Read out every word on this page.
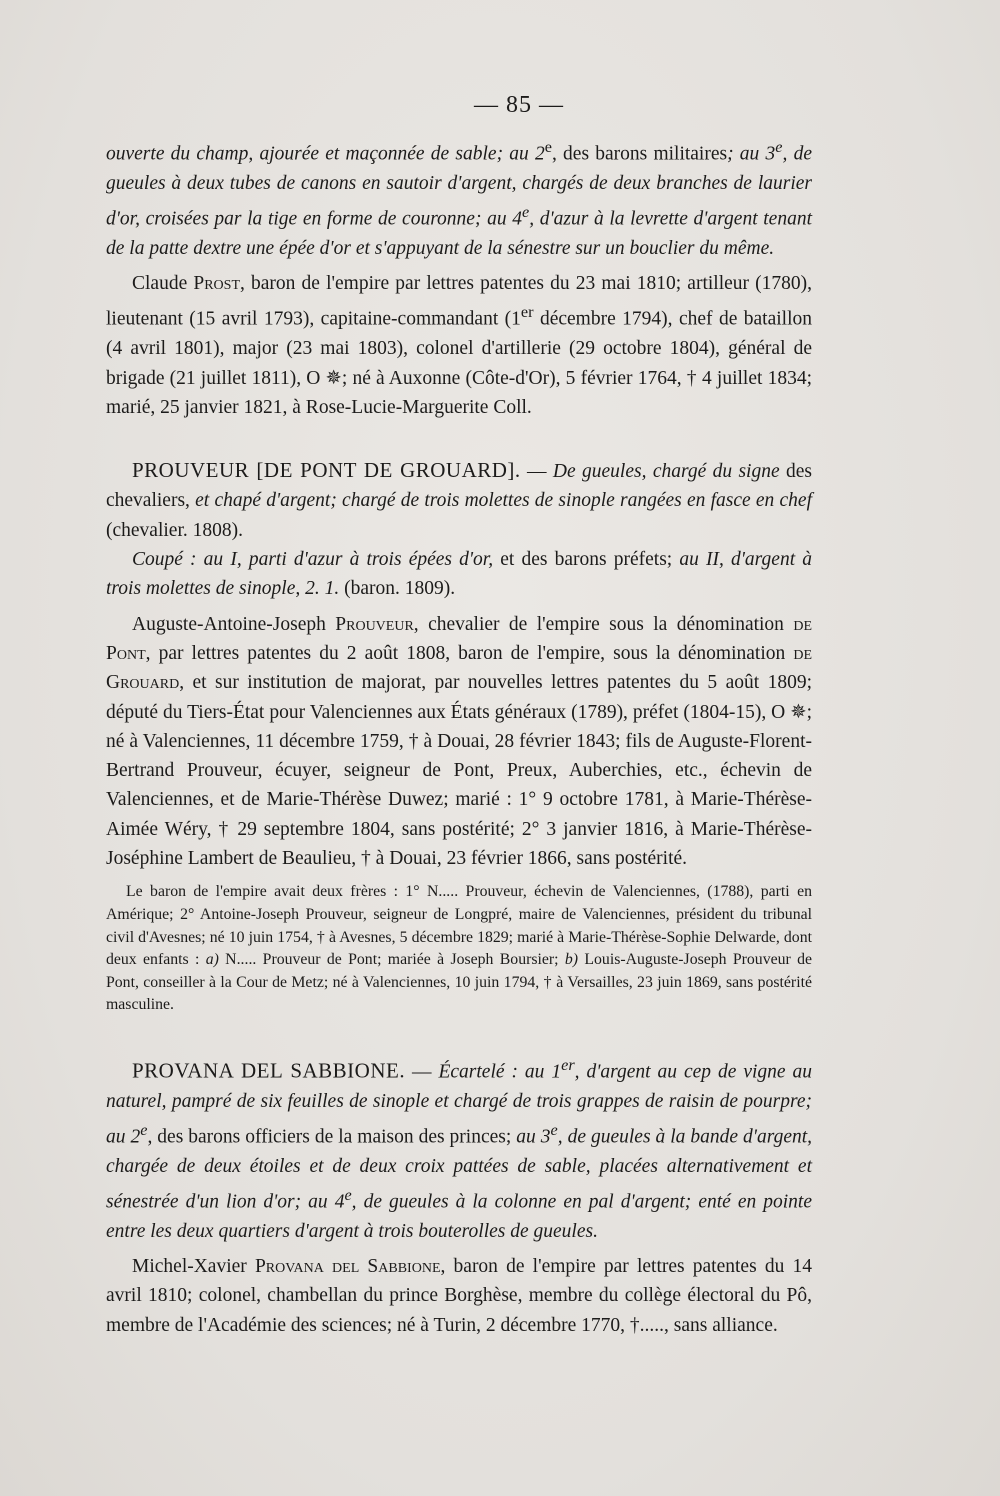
— 85 —

ouverte du champ, ajourée et maçonnée de sable; au 2e, des barons militaires; au 3e, de gueules à deux tubes de canons en sautoir d'argent, chargés de deux branches de laurier d'or, croisées par la tige en forme de couronne; au 4e, d'azur à la levrette d'argent tenant de la patte dextre une épée d'or et s'appuyant de la sénestre sur un bouclier du même.

Claude Prost, baron de l'empire par lettres patentes du 23 mai 1810; artilleur (1780), lieutenant (15 avril 1793), capitaine-commandant (1er décembre 1794), chef de bataillon (4 avril 1801), major (23 mai 1803), colonel d'artillerie (29 octobre 1804), général de brigade (21 juillet 1811), O ✵; né à Auxonne (Côte-d'Or), 5 février 1764, † 4 juillet 1834; marié, 25 janvier 1821, à Rose-Lucie-Marguerite Coll.

PROUVEUR [DE PONT DE GROUARD]. — De gueules, chargé du signe des chevaliers, et chapé d'argent; chargé de trois molettes de sinople rangées en fasce en chef (chevalier. 1808).

Coupé : au I, parti d'azur à trois épées d'or, et des barons préfets; au II, d'argent à trois molettes de sinople, 2. 1. (baron. 1809).

Auguste-Antoine-Joseph Prouveur, chevalier de l'empire sous la dénomination de Pont, par lettres patentes du 2 août 1808, baron de l'empire, sous la dénomination de Grouard, et sur institution de majorat, par nouvelles lettres patentes du 5 août 1809; député du Tiers-État pour Valenciennes aux États généraux (1789), préfet (1804-15), O ✵; né à Valenciennes, 11 décembre 1759, † à Douai, 28 février 1843; fils de Auguste-Florent-Bertrand Prouveur, écuyer, seigneur de Pont, Preux, Auberchies, etc., échevin de Valenciennes, et de Marie-Thérèse Duwez; marié : 1° 9 octobre 1781, à Marie-Thérèse-Aimée Wéry, † 29 septembre 1804, sans postérité; 2° 3 janvier 1816, à Marie-Thérèse-Joséphine Lambert de Beaulieu, † à Douai, 23 février 1866, sans postérité.

Le baron de l'empire avait deux frères : 1° N..... Prouveur, échevin de Valenciennes, (1788), parti en Amérique; 2° Antoine-Joseph Prouveur, seigneur de Longpré, maire de Valenciennes, président du tribunal civil d'Avesnes; né 10 juin 1754, † à Avesnes, 5 décembre 1829; marié à Marie-Thérèse-Sophie Delwarde, dont deux enfants : a) N..... Prouveur de Pont; mariée à Joseph Boursier; b) Louis-Auguste-Joseph Prouveur de Pont, conseiller à la Cour de Metz; né à Valenciennes, 10 juin 1794, † à Versailles, 23 juin 1869, sans postérité masculine.

PROVANA DEL SABBIONE. — Écartelé : au 1er, d'argent au cep de vigne au naturel, pampré de six feuilles de sinople et chargé de trois grappes de raisin de pourpre; au 2e, des barons officiers de la maison des princes; au 3e, de gueules à la bande d'argent, chargée de deux étoiles et de deux croix pattées de sable, placées alternativement et sénestrée d'un lion d'or; au 4e, de gueules à la colonne en pal d'argent; enté en pointe entre les deux quartiers d'argent à trois bouterolles de gueules.

Michel-Xavier Provana del Sabbione, baron de l'empire par lettres patentes du 14 avril 1810; colonel, chambellan du prince Borghèse, membre du collège électoral du Pô, membre de l'Académie des sciences; né à Turin, 2 décembre 1770, †....., sans alliance.
